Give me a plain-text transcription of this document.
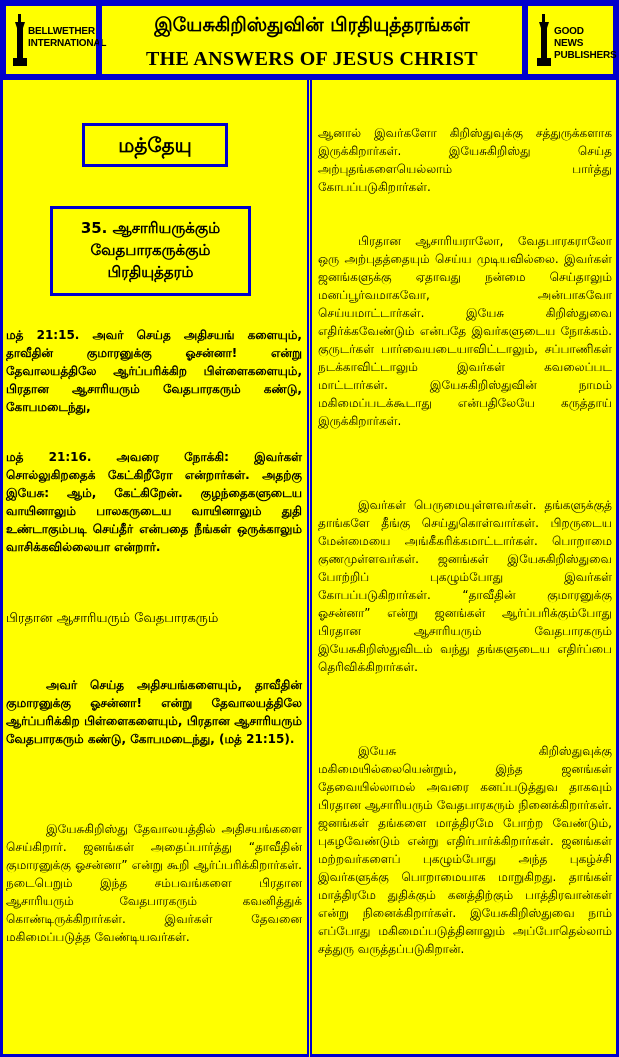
BELLWETHER INTERNATIONAL
இயேசுகிறிஸ்துவின் பிரதியுத்தரங்கள்
THE ANSWERS OF JESUS CHRIST
GOOD NEWS PUBLISHERS
மத்தேயு
35. ஆசாரியருக்கும் வேதபாரகருக்கும் பிரதியுத்தரம்

மத் 21:15. அவர் செய்த அதிசயங் களையும், தாவீதின் குமாரனுக்கு ஓசன்னா! என்று தேவாலயத்திலே ஆர்ப்பரிக்கிற பிள்ளைகளையும், பிரதான ஆசாரியரும் வேதபாரகரும் கண்டு, கோபமடைந்து,

மத் 21:16. அவரை நோக்கி: இவர்கள் சொல்லுகிறதைக் கேட்கிறீரோ என்றார்கள். அதற்கு இயேசு: ஆம், கேட்கிறேன். குழந்தைகளுடைய வாயினாலும் பாலகருடைய வாயினாலும் துதி உண்டாகும்படி செய்தீர் என்பதை நீங்கள் ஒருக்காலும் வாசிக்கவில்லையா என்றார்.

பிரதான ஆசாரியரும் வேதபாரகரும்

அவர் செய்த அதிசயங்களையும், தாவீதின் குமாரனுக்கு ஓசன்னா! என்று தேவாலயத்திலே ஆர்ப்பரிக்கிற பிள்ளைகளையும், பிரதான ஆசாரியரும் வேதபாரகரும் கண்டு, கோபமடைந்து, (மத் 21:15).

இயேசுகிறிஸ்து தேவாலயத்தில் அதிசயங்களை செய்கிறார். ஜனங்கள் அதைப்பார்த்து “தாவீதின் குமாரனுக்கு ஓசன்னா” என்று கூறி ஆர்ப்பரிக்கிறார்கள். நடைபெறும் இந்த சம்பவங்களை பிரதான ஆசாரியரும் வேதபாரகரும் கவனித்துக் கொண்டிருக்கிறார்கள். இவர்கள் தேவனை மகிமைப்படுத்த வேண்டியவர்கள்.

ஆனால் இவர்களோ கிறிஸ்துவுக்கு சத்துருக்களாக இருக்கிறார்கள். இயேசுகிறிஸ்து செய்த அற்புதங்களையெல்லாம் பார்த்து கோபப்படுகிறார்கள்.

பிரதான ஆசாரியராலோ, வேதபாரகராலோ ஒரு அற்புதத்தையும் செய்ய முடியவில்லை. இவர்கள் ஜனங்களுக்கு ஏதாவது நன்மை செய்தாலும் மனப்பூர்வமாகவோ, அன்பாகவோ செய்யமாட்டார்கள். இயேசு கிறிஸ்துவை எதிர்க்கவேண்டும் என்பதே இவர்களுடைய நோக்கம். குருடர்கள் பார்வையடையாவிட்டாலும், சப்பாணிகள் நடக்காவிட்டாலும் இவர்கள் கவலைப்பட மாட்டார்கள். இயேசுகிறிஸ்துவின் நாமம் மகிமைப்படக்கூடாது என்பதிலேயே கருத்தாய் இருக்கிறார்கள்.

இவர்கள் பெருமையுள்ளவர்கள். தங்களுக்குத் தாங்களே தீங்கு செய்துகொள்வார்கள். பிறருடைய மேன்மையை அங்கீகரிக்கமாட்டார்கள். பொறாமை குணமுள்ளவர்கள். ஜனங்கள் இயேசுகிறிஸ்துவை போற்றிப் புகழும்போது இவர்கள் கோபப்படுகிறார்கள். “தாவீதின் குமாரனுக்கு ஓசன்னா” என்று ஜனங்கள் ஆர்ப்பரிக்கும்போது பிரதான ஆசாரியரும் வேதபாரகரும் இயேசுகிறிஸ்துவிடம் வந்து தங்களுடைய எதிர்ப்பை தெரிவிக்கிறார்கள்.

இயேசு கிறிஸ்துவுக்கு மகிமையில்லையென்றும், இந்த ஜனங்கள் தேவையில்லாமல் அவரை கனப்படுத்துவ தாகவும் பிரதான ஆசாரியரும் வேதபாரகரும் நினைக்கிறார்கள். ஜனங்கள் தங்களை மாத்திரமே போற்ற வேண்டும், புகழவேண்டும் என்று எதிர்பார்க்கிறார்கள். ஜனங்கள் மற்றவர்களைப் புகழும்போது அந்த புகழ்ச்சி இவர்களுக்கு பொறாமையாக மாறுகிறது. தாங்கள் மாத்திரமே துதிக்கும் கனத்திற்கும் பாத்திரவான்கள் என்று நினைக்கிறார்கள். இயேசுகிறிஸ்துவை நாம் எப்போது மகிமைப்படுத்தினாலும் அப்போதெல்லாம் சத்துரு வருத்தப்படுகிறான்.
